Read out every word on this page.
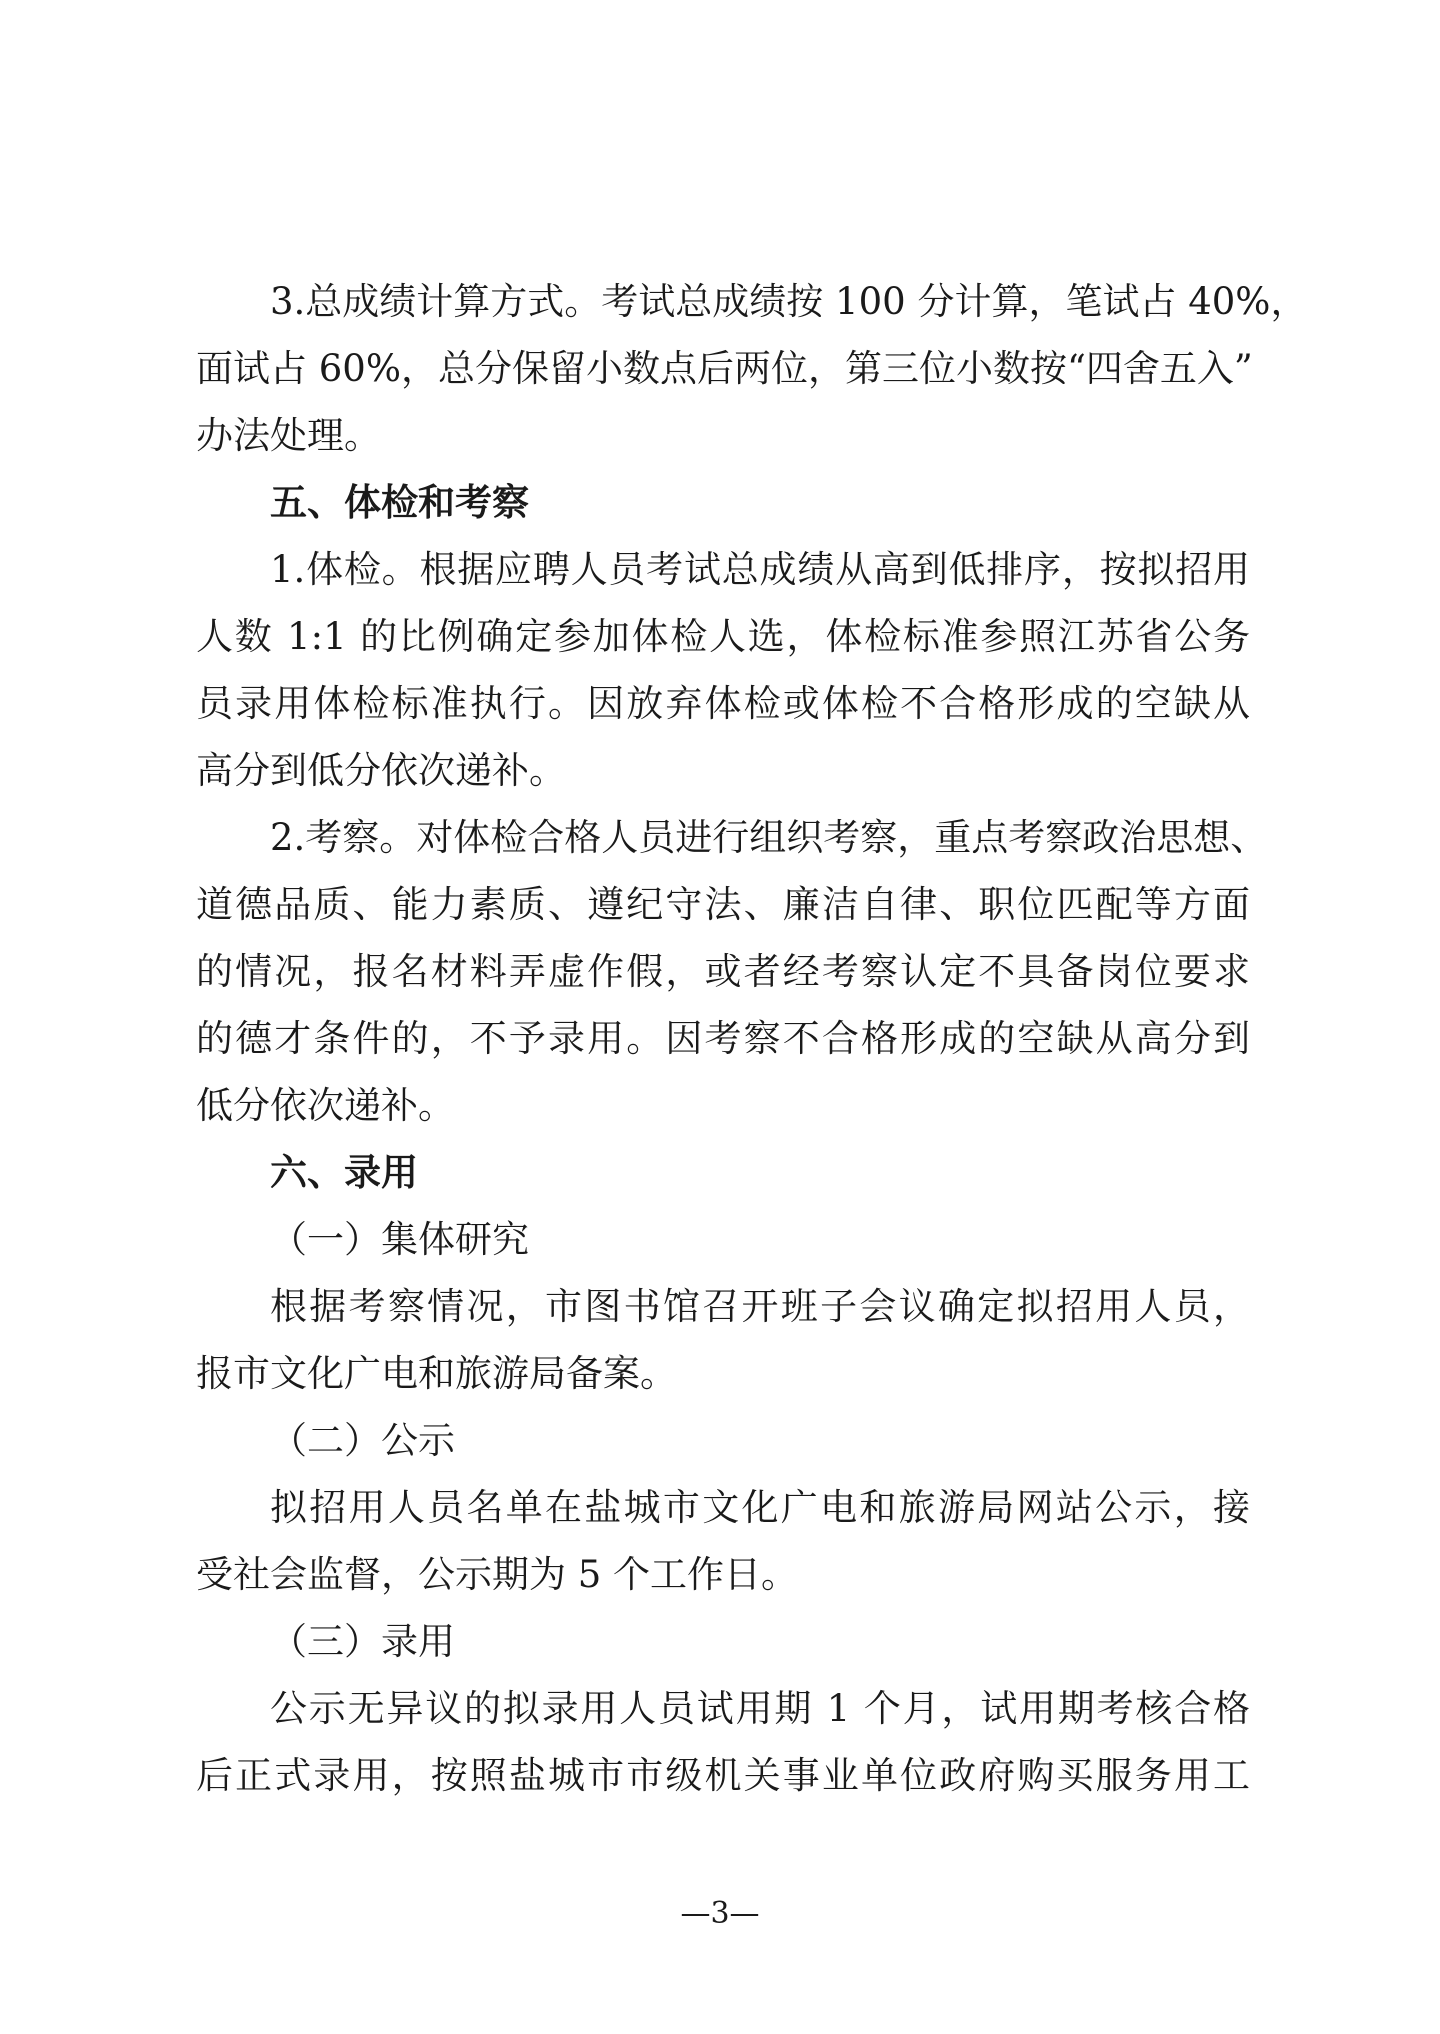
3.总成绩计算方式。考试总成绩按 100 分计算，笔试占 40%，
面试占 60%，总分保留小数点后两位，第三位小数按“四舍五入”
办法处理。
五、体检和考察
1.体检。根据应聘人员考试总成绩从高到低排序，按拟招用
人数 1:1 的比例确定参加体检人选，体检标准参照江苏省公务
员录用体检标准执行。因放弃体检或体检不合格形成的空缺从
高分到低分依次递补。
2.考察。对体检合格人员进行组织考察，重点考察政治思想、
道德品质、能力素质、遵纪守法、廉洁自律、职位匹配等方面
的情况，报名材料弄虚作假，或者经考察认定不具备岗位要求
的德才条件的，不予录用。因考察不合格形成的空缺从高分到
低分依次递补。
六、录用
（一）集体研究
根据考察情况，市图书馆召开班子会议确定拟招用人员，
报市文化广电和旅游局备案。
（二）公示
拟招用人员名单在盐城市文化广电和旅游局网站公示，接
受社会监督，公示期为 5 个工作日。
（三）录用
公示无异议的拟录用人员试用期 1 个月，试用期考核合格
后正式录用，按照盐城市市级机关事业单位政府购买服务用工
—3—
